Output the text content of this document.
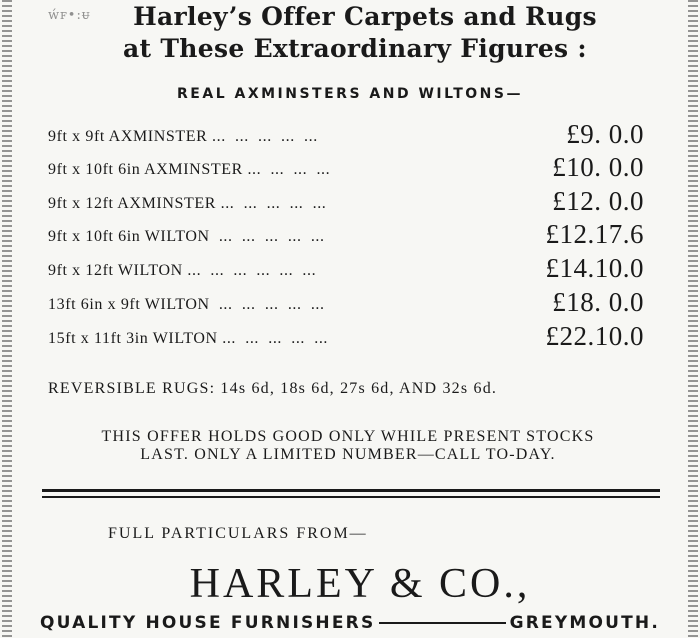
ẃꜰ•:ᵾ	Harley’s Offer Carpets and Rugs
at These Extraordinary Figures :
REAL AXMINSTERS AND WILTONS—
9ft x 9ft AXMINSTER ...  ...  ...  ...  ...	£9. 0.0
9ft x 10ft 6in AXMINSTER ...  ...  ...  ...	£10. 0.0
9ft x 12ft AXMINSTER ...  ...  ...  ...  ...	£12. 0.0
9ft x 10ft 6in WILTON  ...  ...  ...  ...  ...	£12.17.6
9ft x 12ft WILTON ...  ...  ...  ...  ...  ...	£14.10.0
13ft 6in x 9ft WILTON  ...  ...  ...  ...  ...	£18. 0.0
15ft x 11ft 3in WILTON ...  ...  ...  ...  ...	£22.10.0
REVERSIBLE RUGS: 14s 6d, 18s 6d, 27s 6d, AND 32s 6d.
THIS OFFER HOLDS GOOD ONLY WHILE PRESENT STOCKS
LAST. ONLY A LIMITED NUMBER—CALL TO-DAY.
FULL PARTICULARS FROM—
HARLEY & CO.,
QUALITY HOUSE FURNISHERS	GREYMOUTH.
